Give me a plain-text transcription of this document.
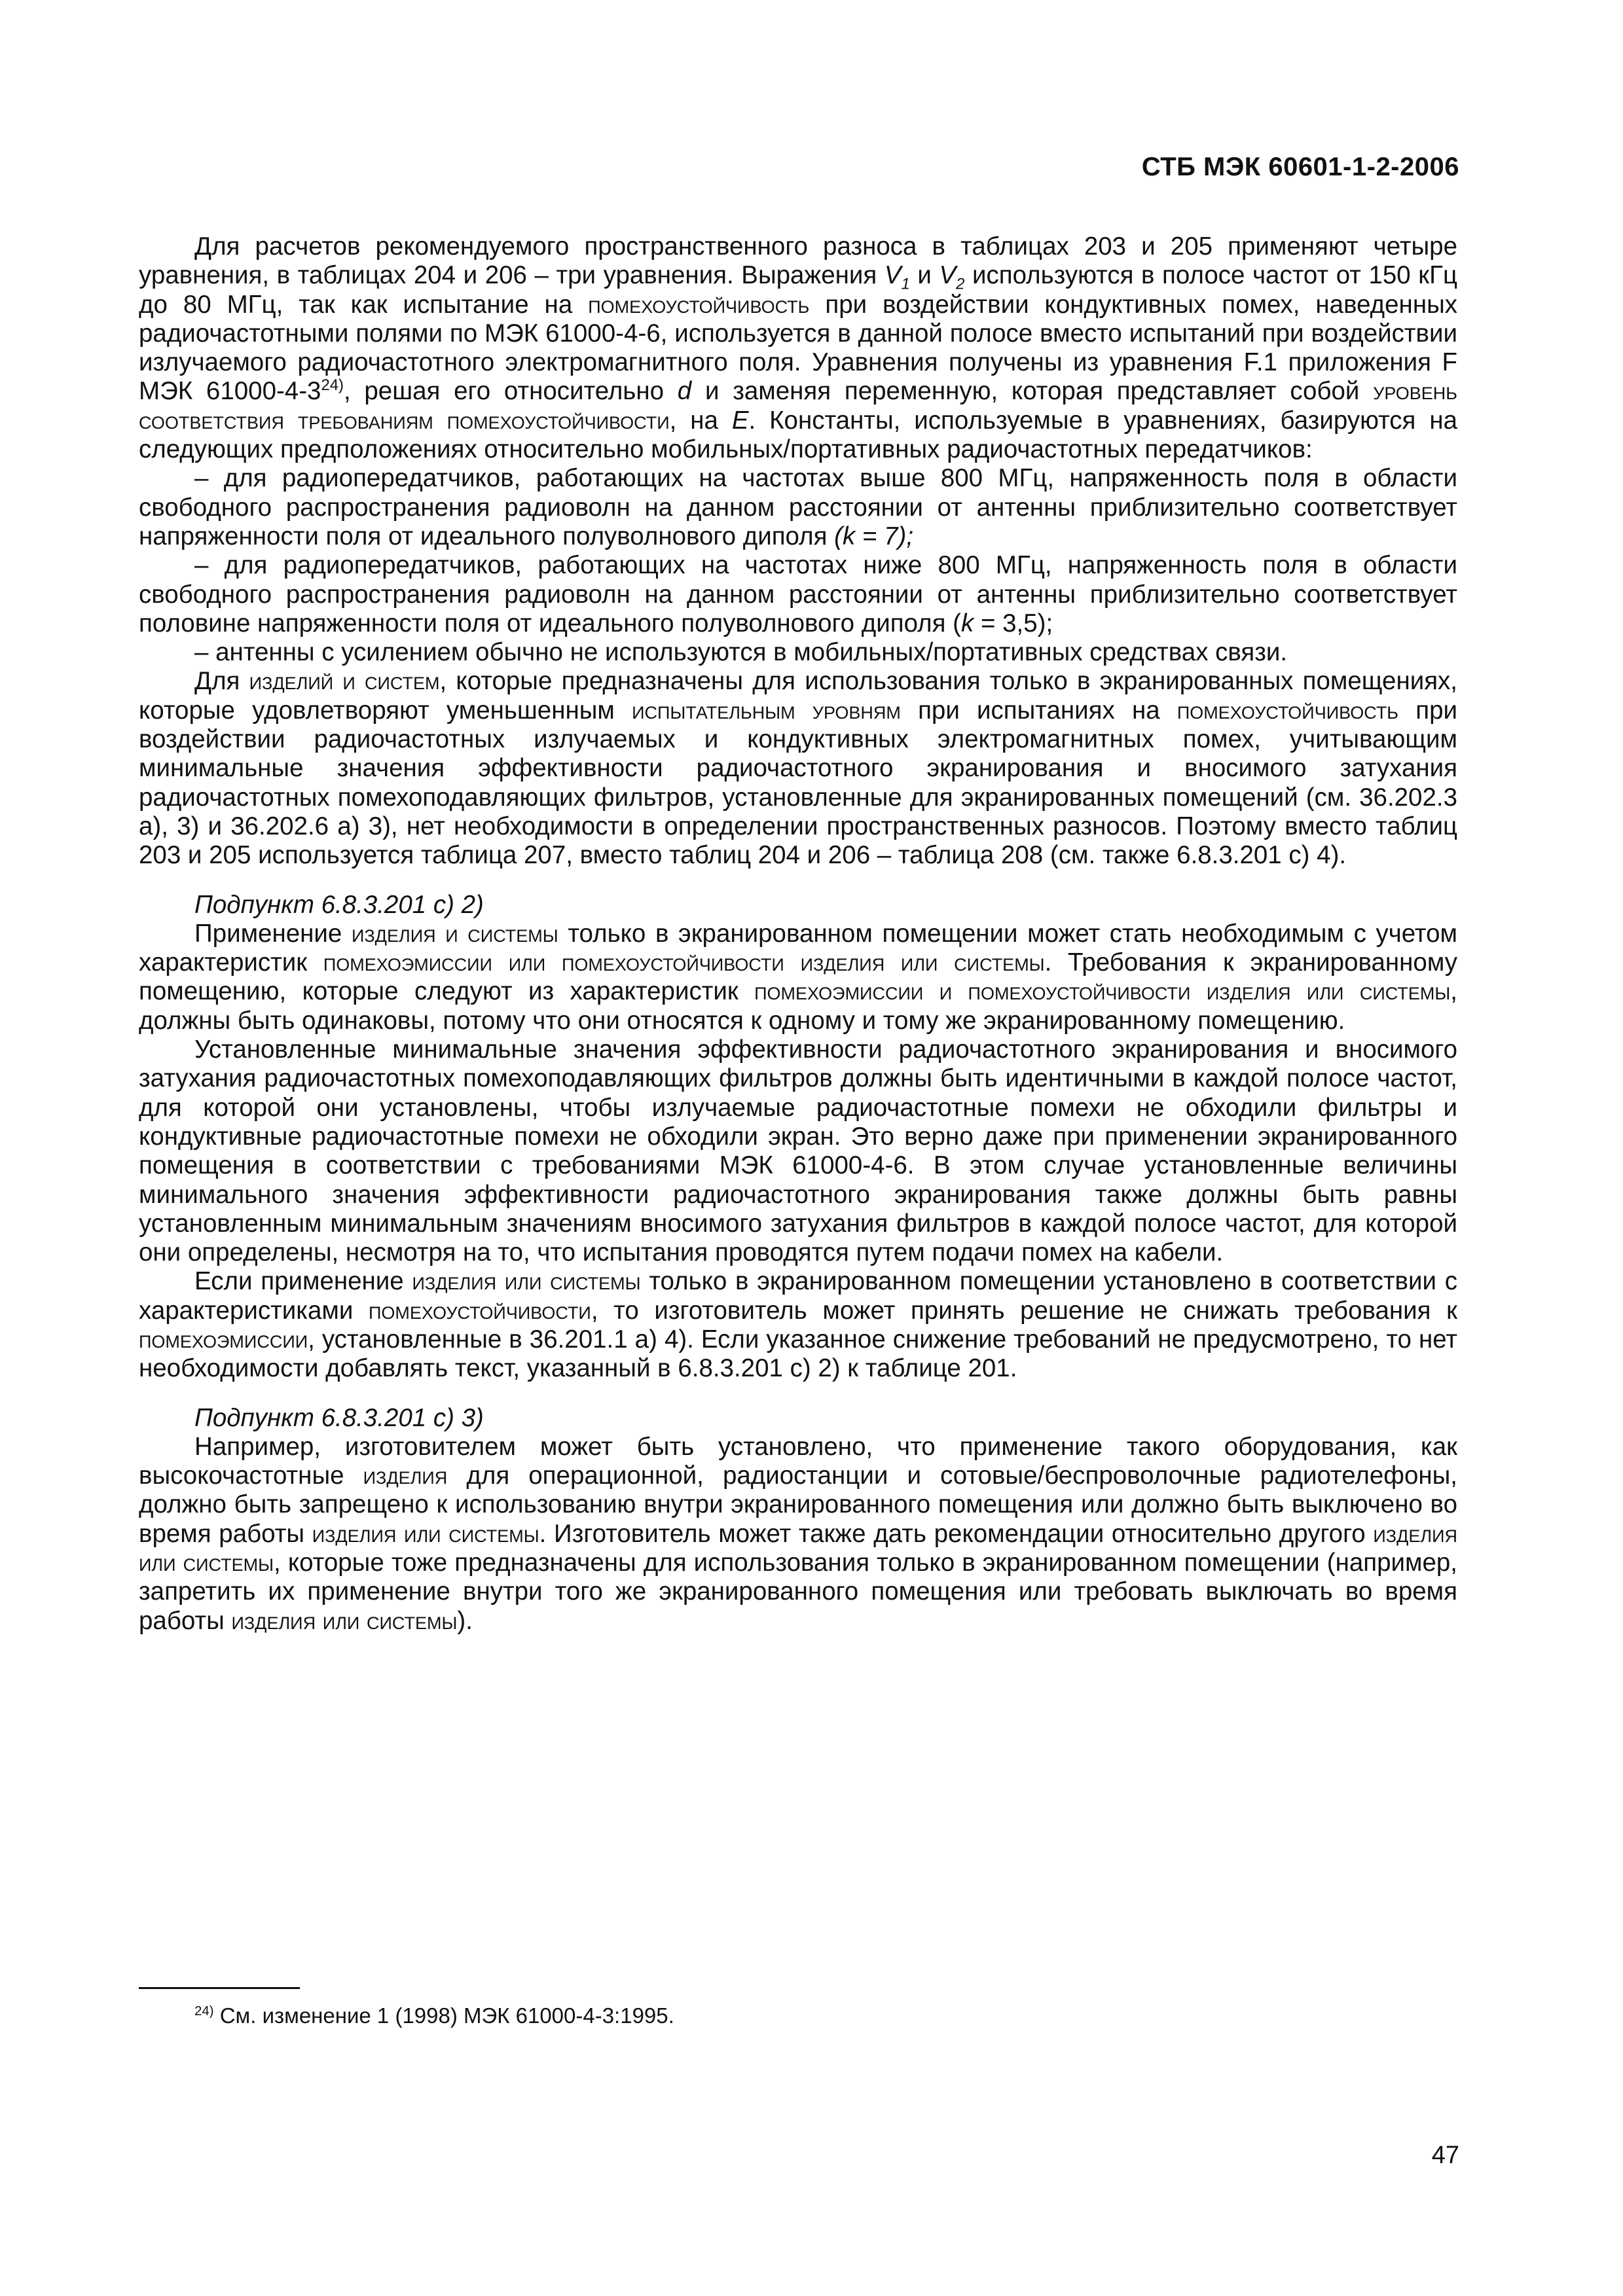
СТБ МЭК 60601-1-2-2006

Для расчетов рекомендуемого пространственного разноса в таблицах 203 и 205 применяют четыре уравнения, в таблицах 204 и 206 – три уравнения. Выражения $V_1$ и $V_2$ используются в полосе частот от 150 кГц до 80 МГц, так как испытание на помехоустойчивость при воздействии кондуктивных помех, наведенных радиочастотными полями по МЭК 61000-4-6, используется в данной полосе вместо испытаний при воздействии излучаемого радиочастотного электромагнитного поля. Уравнения получены из уравнения F.1 приложения F МЭК 61000-4-3$^{24)}$, решая его относительно d и заменяя переменную, которая представляет собой уровень соответствия требованиям помехоустойчивости, на E. Константы, используемые в уравнениях, базируются на следующих предположениях относительно мобильных/портативных радиочастотных передатчиков:

– для радиопередатчиков, работающих на частотах выше 800 МГц, напряженность поля в области свободного распространения радиоволн на данном расстоянии от антенны приблизительно соответствует напряженности поля от идеального полуволнового диполя (k = 7);

– для радиопередатчиков, работающих на частотах ниже 800 МГц, напряженность поля в области свободного распространения радиоволн на данном расстоянии от антенны приблизительно соответствует половине напряженности поля от идеального полуволнового диполя (k = 3,5);

– антенны с усилением обычно не используются в мобильных/портативных средствах связи.

Для изделий и систем, которые предназначены для использования только в экранированных помещениях, которые удовлетворяют уменьшенным испытательным уровням при испытаниях на помехоустойчивость при воздействии радиочастотных излучаемых и кондуктивных электромагнитных помех, учитывающим минимальные значения эффективности радиочастотного экранирования и вносимого затухания радиочастотных помехоподавляющих фильтров, установленные для экранированных помещений (см. 36.202.3 а), 3) и 36.202.6 а) 3), нет необходимости в определении пространственных разносов. Поэтому вместо таблиц 203 и 205 используется таблица 207, вместо таблиц 204 и 206 – таблица 208 (см. также 6.8.3.201 с) 4).

Подпункт 6.8.3.201 с) 2)

Применение изделия и системы только в экранированном помещении может стать необходимым с учетом характеристик помехоэмиссии или помехоустойчивости изделия или системы. Требования к экранированному помещению, которые следуют из характеристик помехоэмиссии и помехоустойчивости изделия или системы, должны быть одинаковы, потому что они относятся к одному и тому же экранированному помещению.

Установленные минимальные значения эффективности радиочастотного экранирования и вносимого затухания радиочастотных помехоподавляющих фильтров должны быть идентичными в каждой полосе частот, для которой они установлены, чтобы излучаемые радиочастотные помехи не обходили фильтры и кондуктивные радиочастотные помехи не обходили экран. Это верно даже при применении экранированного помещения в соответствии с требованиями МЭК 61000-4-6. В этом случае установленные величины минимального значения эффективности радиочастотного экранирования также должны быть равны установленным минимальным значениям вносимого затухания фильтров в каждой полосе частот, для которой они определены, несмотря на то, что испытания проводятся путем подачи помех на кабели.

Если применение изделия или системы только в экранированном помещении установлено в соответствии с характеристиками помехоустойчивости, то изготовитель может принять решение не снижать требования к помехоэмиссии, установленные в 36.201.1 а) 4). Если указанное снижение требований не предусмотрено, то нет необходимости добавлять текст, указанный в 6.8.3.201 с) 2) к таблице 201.

Подпункт 6.8.3.201 с) 3)

Например, изготовителем может быть установлено, что применение такого оборудования, как высокочастотные изделия для операционной, радиостанции и сотовые/беспроволочные радиотелефоны, должно быть запрещено к использованию внутри экранированного помещения или должно быть выключено во время работы изделия или системы. Изготовитель может также дать рекомендации относительно другого изделия или системы, которые тоже предназначены для использования только в экранированном помещении (например, запретить их применение внутри того же экранированного помещения или требовать выключать во время работы изделия или системы).

$^{24)}$ См. изменение 1 (1998) МЭК 61000-4-3:1995.
47
